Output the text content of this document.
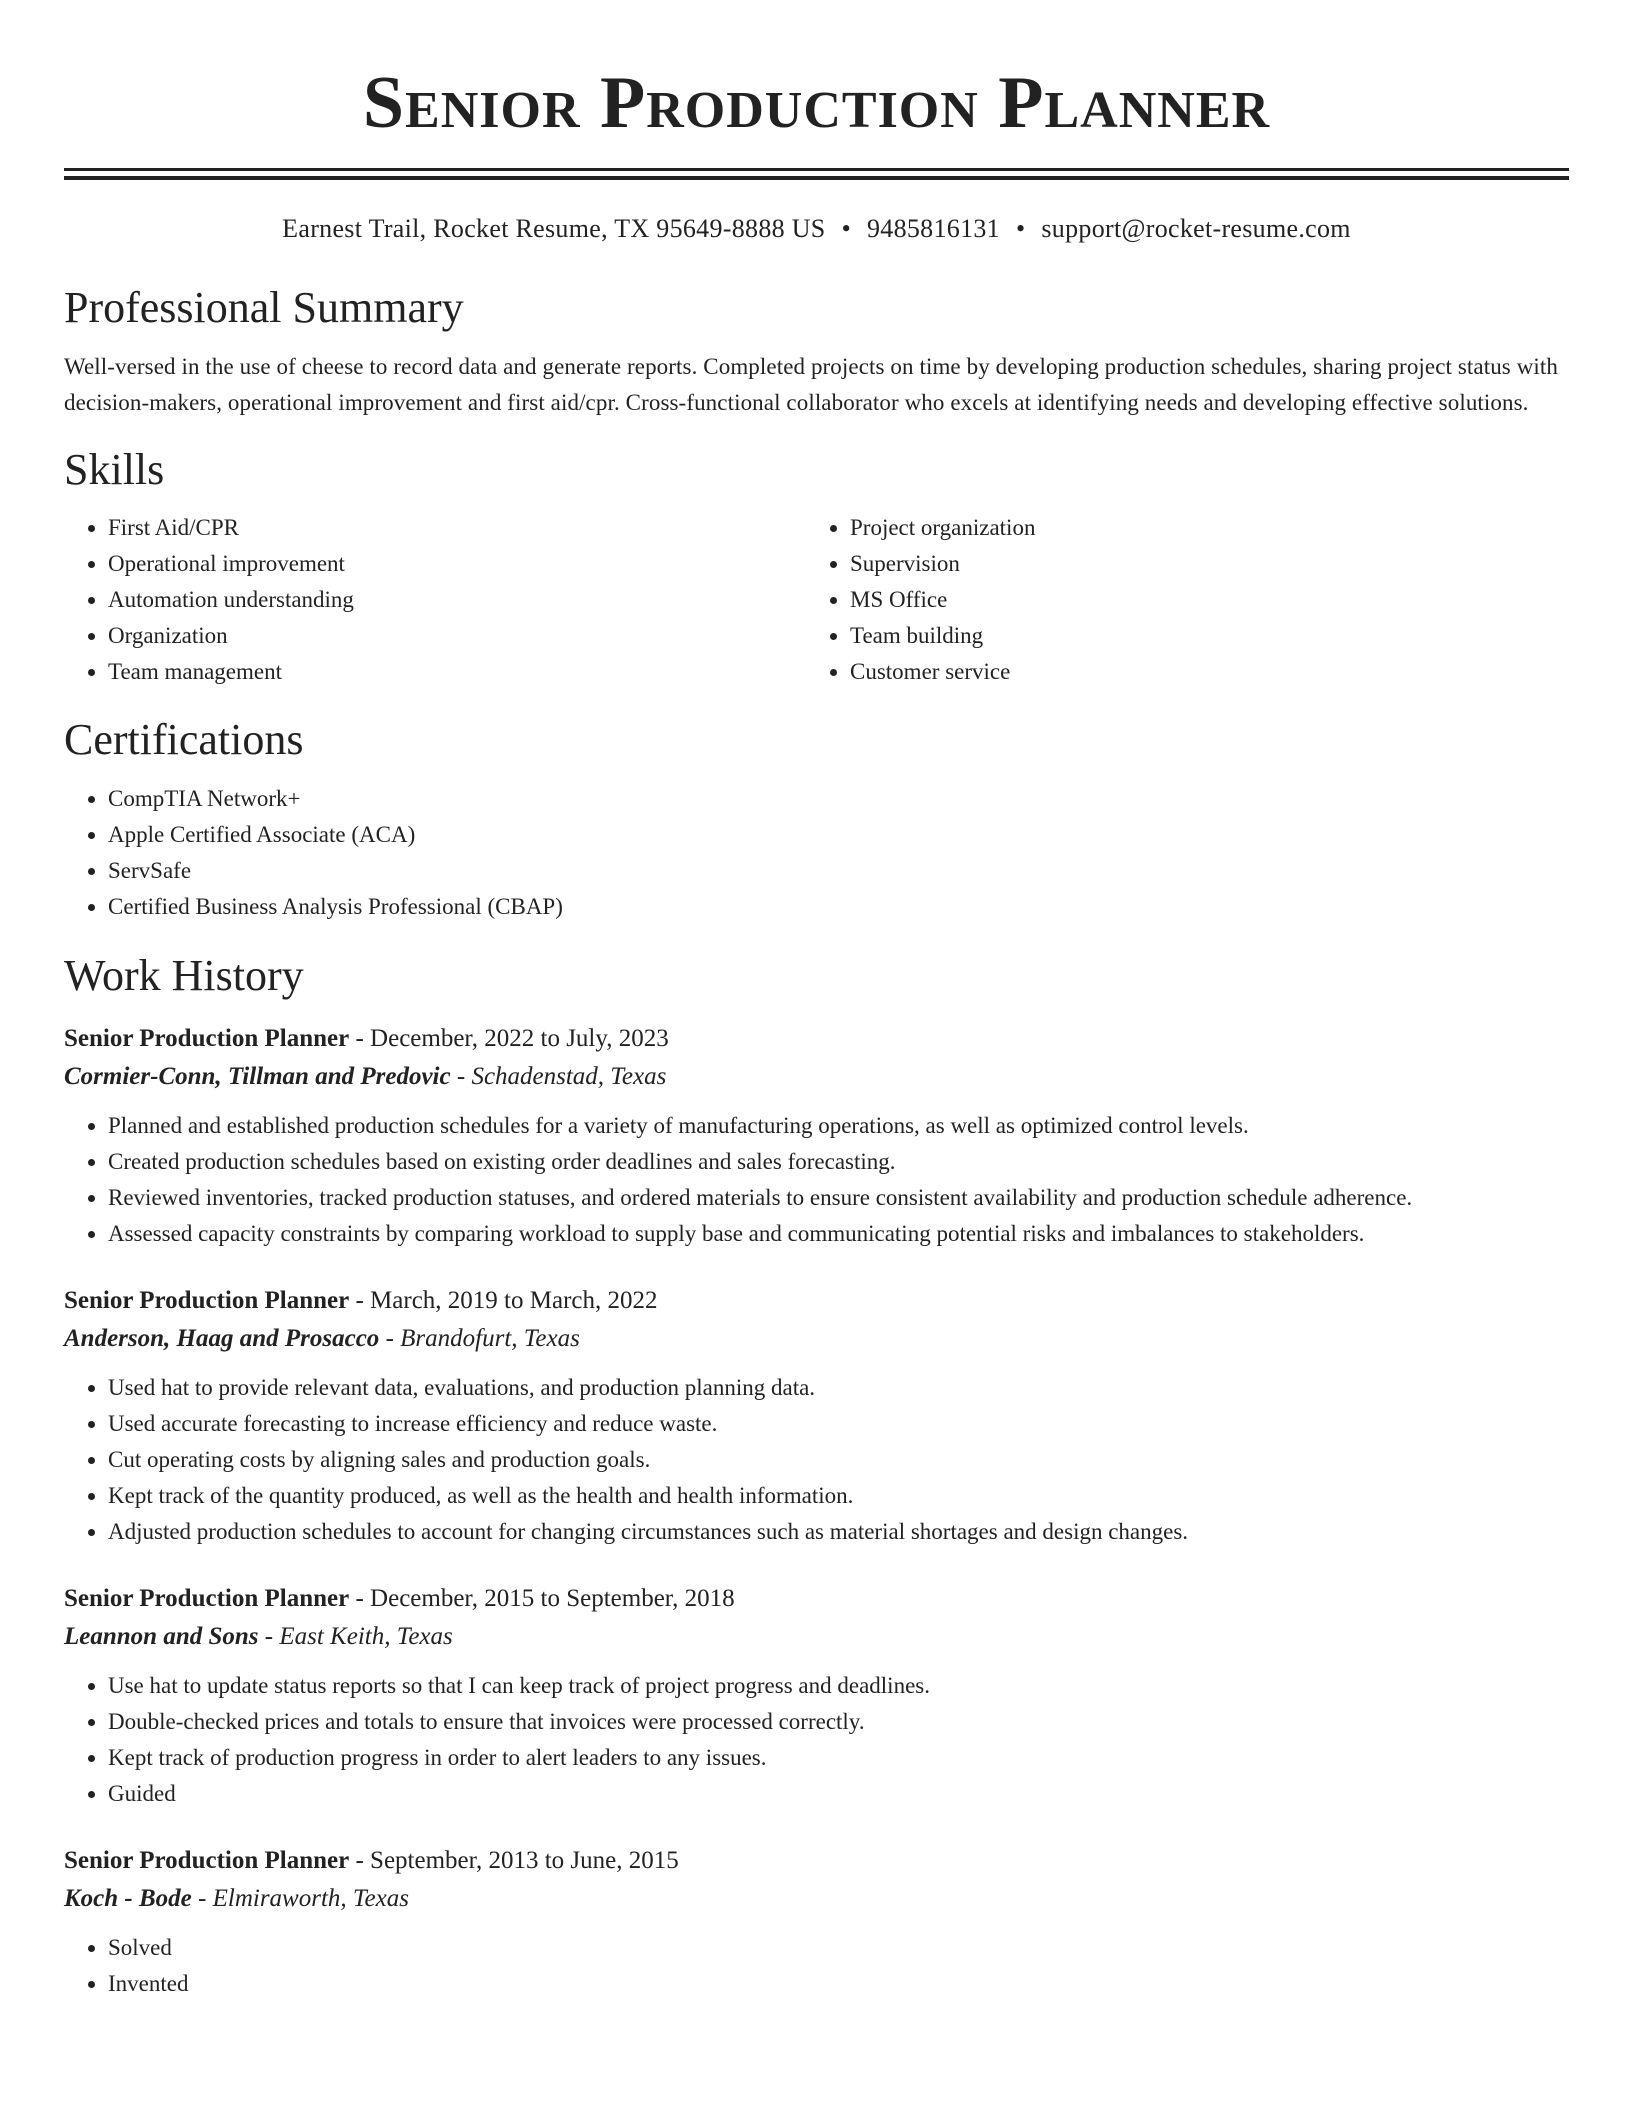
Senior Production Planner
Earnest Trail, Rocket Resume, TX 95649-8888 US • 9485816131 • support@rocket-resume.com
Professional Summary
Well-versed in the use of cheese to record data and generate reports. Completed projects on time by developing production schedules, sharing project status with decision-makers, operational improvement and first aid/cpr. Cross-functional collaborator who excels at identifying needs and developing effective solutions.
Skills
• First Aid/CPR
• Operational improvement
• Automation understanding
• Organization
• Team management
• Project organization
• Supervision
• MS Office
• Team building
• Customer service
Certifications
• CompTIA Network+
• Apple Certified Associate (ACA)
• ServSafe
• Certified Business Analysis Professional (CBAP)
Work History
Senior Production Planner - December, 2022 to July, 2023
Cormier-Conn, Tillman and Predovic - Schadenstad, Texas
• Planned and established production schedules for a variety of manufacturing operations, as well as optimized control levels.
• Created production schedules based on existing order deadlines and sales forecasting.
• Reviewed inventories, tracked production statuses, and ordered materials to ensure consistent availability and production schedule adherence.
• Assessed capacity constraints by comparing workload to supply base and communicating potential risks and imbalances to stakeholders.
Senior Production Planner - March, 2019 to March, 2022
Anderson, Haag and Prosacco - Brandofurt, Texas
• Used hat to provide relevant data, evaluations, and production planning data.
• Used accurate forecasting to increase efficiency and reduce waste.
• Cut operating costs by aligning sales and production goals.
• Kept track of the quantity produced, as well as the health and health information.
• Adjusted production schedules to account for changing circumstances such as material shortages and design changes.
Senior Production Planner - December, 2015 to September, 2018
Leannon and Sons - East Keith, Texas
• Use hat to update status reports so that I can keep track of project progress and deadlines.
• Double-checked prices and totals to ensure that invoices were processed correctly.
• Kept track of production progress in order to alert leaders to any issues.
• Guided
Senior Production Planner - September, 2013 to June, 2015
Koch - Bode - Elmiraworth, Texas
• Solved
• Invented
